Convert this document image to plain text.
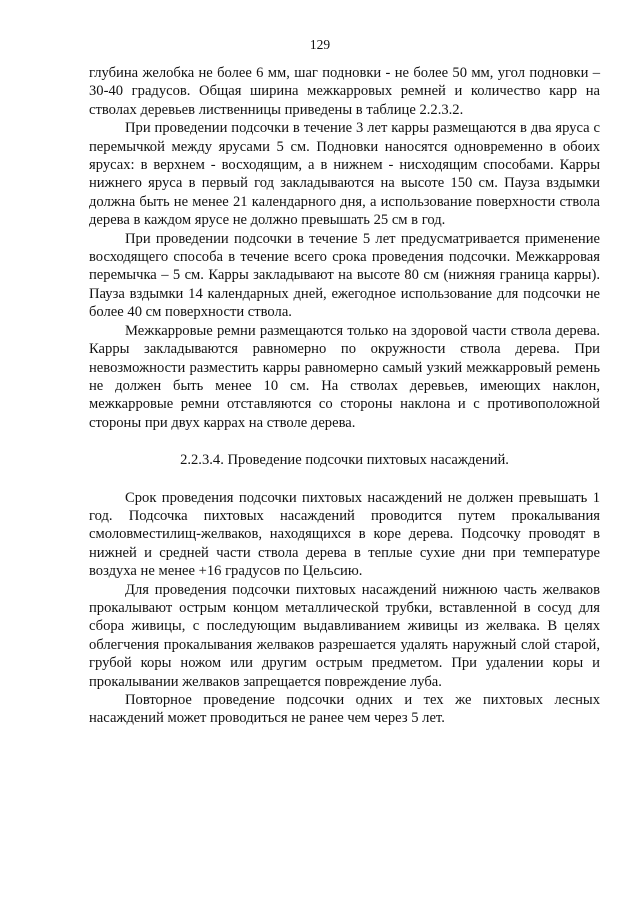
129

глубина желобка не более 6 мм, шаг подновки - не более 50 мм, угол подновки – 30-40 градусов. Общая ширина межкарровых ремней и количество карр на стволах деревьев лиственницы приведены в таблице 2.2.3.2.

При проведении подсочки в течение 3 лет карры размещаются в два яруса с перемычкой между ярусами 5 см. Подновки наносятся одновременно в обоих ярусах: в верхнем - восходящим, а в нижнем - нисходящим способами. Карры нижнего яруса в первый год закладываются на высоте 150 см. Пауза вздымки должна быть не менее 21 календарного дня, а использование поверхности ствола дерева в каждом ярусе не должно превышать 25 см в год.

При проведении подсочки в течение 5 лет предусматривается применение восходящего способа в течение всего срока проведения подсочки. Межкарровая перемычка – 5 см. Карры закладывают на высоте 80 см (нижняя граница карры). Пауза вздымки 14 календарных дней, ежегодное использование для подсочки не более 40 см поверхности ствола.

Межкарровые ремни размещаются только на здоровой части ствола дерева. Карры закладываются равномерно по окружности ствола дерева. При невозможности разместить карры равномерно самый узкий межкарровый ремень не должен быть менее 10 см. На стволах деревьев, имеющих наклон, межкарровые ремни отставляются со стороны наклона и с противоположной стороны при двух каррах на стволе дерева.

2.2.3.4. Проведение подсочки пихтовых насаждений.

Срок проведения подсочки пихтовых насаждений не должен превышать 1 год. Подсочка пихтовых насаждений проводится путем прокалывания смоловместилищ-желваков, находящихся в коре дерева. Подсочку проводят в нижней и средней части ствола дерева в теплые сухие дни при температуре воздуха не менее +16 градусов по Цельсию.

Для проведения подсочки пихтовых насаждений нижнюю часть желваков прокалывают острым концом металлической трубки, вставленной в сосуд для сбора живицы, с последующим выдавливанием живицы из желвака. В целях облегчения прокалывания желваков разрешается удалять наружный слой старой, грубой коры ножом или другим острым предметом. При удалении коры и прокалывании желваков запрещается повреждение луба.

Повторное проведение подсочки одних и тех же пихтовых лесных насаждений может проводиться не ранее чем через 5 лет.
